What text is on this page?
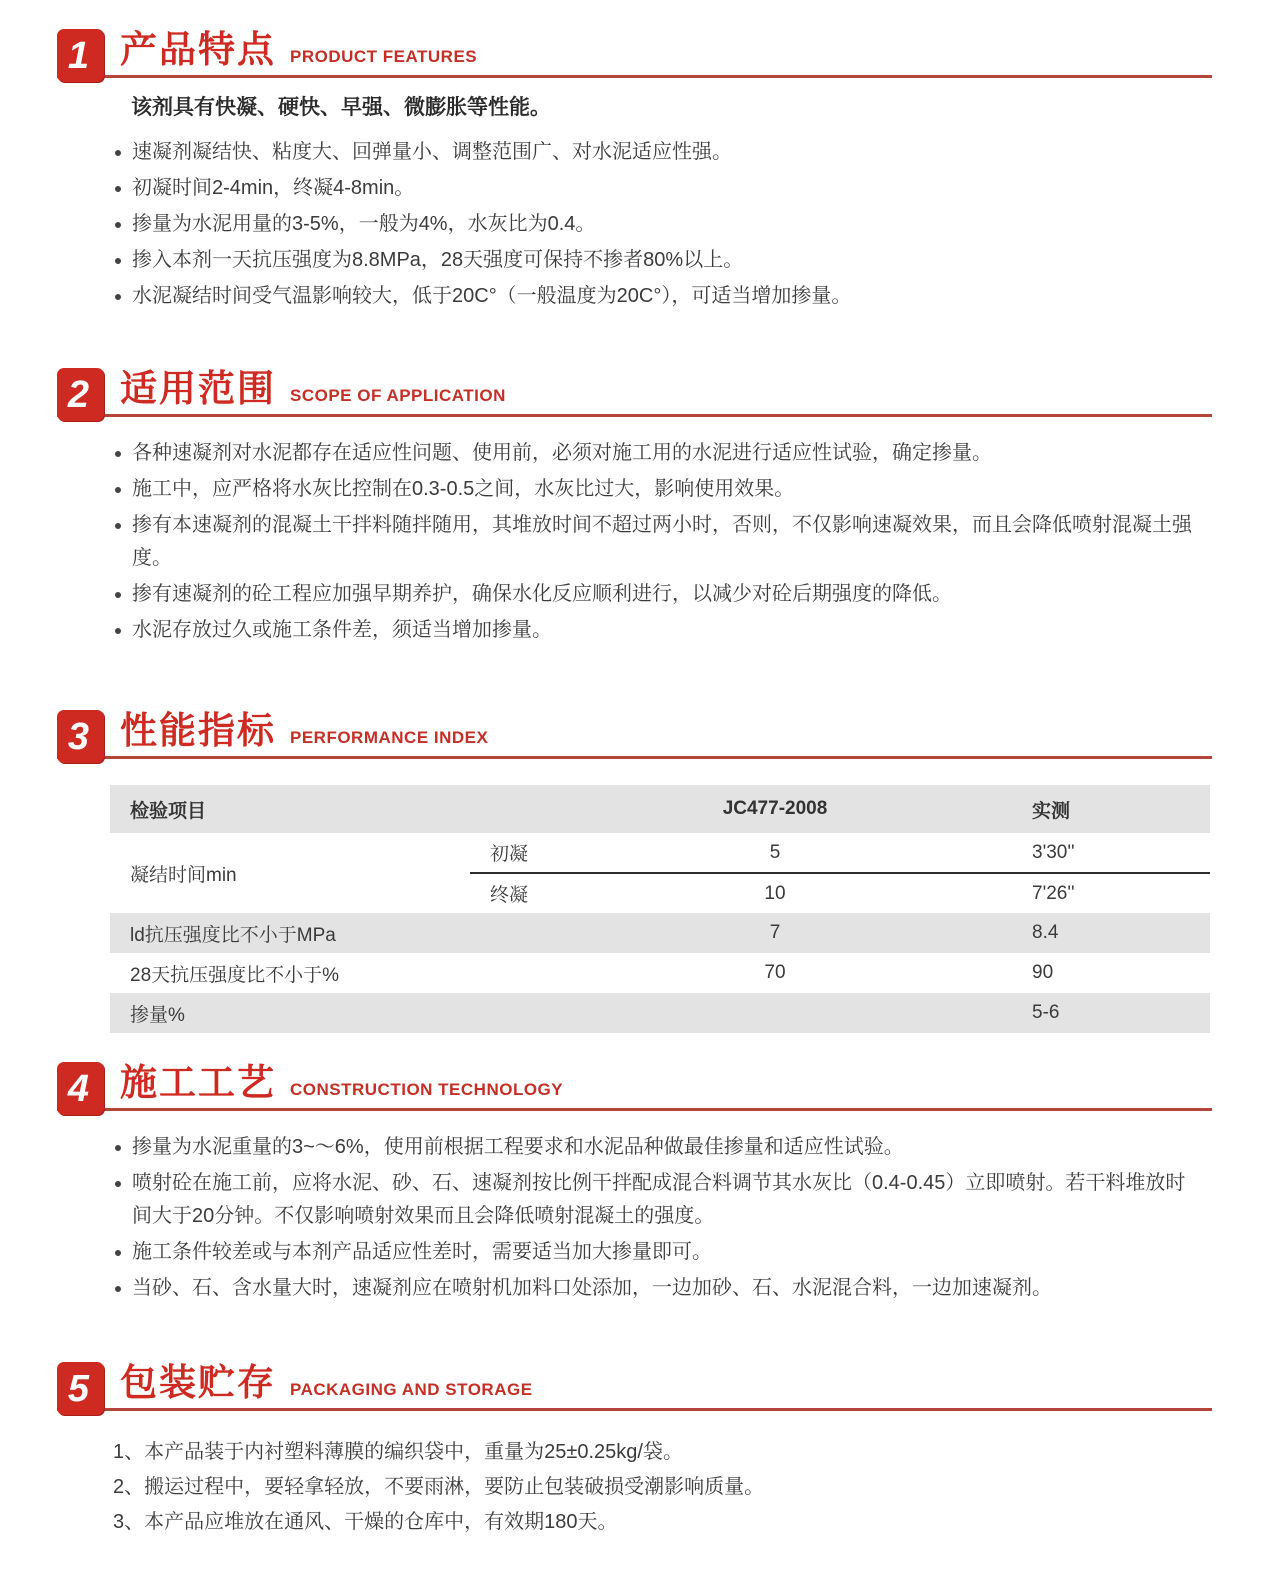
1 产品特点 PRODUCT FEATURES
该剂具有快凝、硬快、早强、微膨胀等性能。
速凝剂凝结快、粘度大、回弹量小、调整范围广、对水泥适应性强。
初凝时间2-4min，终凝4-8min。
掺量为水泥用量的3-5%，一般为4%，水灰比为0.4。
掺入本剂一天抗压强度为8.8MPa，28天强度可保持不掺者80%以上。
水泥凝结时间受气温影响较大，低于20C°（一般温度为20C°），可适当增加掺量。
2 适用范围 SCOPE OF APPLICATION
各种速凝剂对水泥都存在适应性问题、使用前，必须对施工用的水泥进行适应性试验，确定掺量。
施工中，应严格将水灰比控制在0.3-0.5之间，水灰比过大，影响使用效果。
掺有本速凝剂的混凝土干拌料随拌随用，其堆放时间不超过两小时，否则，不仅影响速凝效果，而且会降低喷射混凝土强度。
掺有速凝剂的砼工程应加强早期养护，确保水化反应顺利进行，以减少对砼后期强度的降低。
水泥存放过久或施工条件差，须适当增加掺量。
3 性能指标 PERFORMANCE INDEX
检验项目		JC477-2008	实测
凝结时间min	初凝	5	3'30''
	终凝	10	7'26''
ld抗压强度比不小于MPa		7	8.4
28天抗压强度比不小于%		70	90
掺量%			5-6
4 施工工艺 CONSTRUCTION TECHNOLOGY
掺量为水泥重量的3~～6%，使用前根据工程要求和水泥品种做最佳掺量和适应性试验。
喷射砼在施工前，应将水泥、砂、石、速凝剂按比例干拌配成混合料调节其水灰比（0.4-0.45）立即喷射。若干料堆放时间大于20分钟。不仅影响喷射效果而且会降低喷射混凝土的强度。
施工条件较差或与本剂产品适应性差时，需要适当加大掺量即可。
当砂、石、含水量大时，速凝剂应在喷射机加料口处添加，一边加砂、石、水泥混合料，一边加速凝剂。
5 包装贮存 PACKAGING AND STORAGE
1、本产品装于内衬塑料薄膜的编织袋中，重量为25±0.25kg/袋。
2、搬运过程中，要轻拿轻放，不要雨淋，要防止包装破损受潮影响质量。
3、本产品应堆放在通风、干燥的仓库中，有效期180天。
